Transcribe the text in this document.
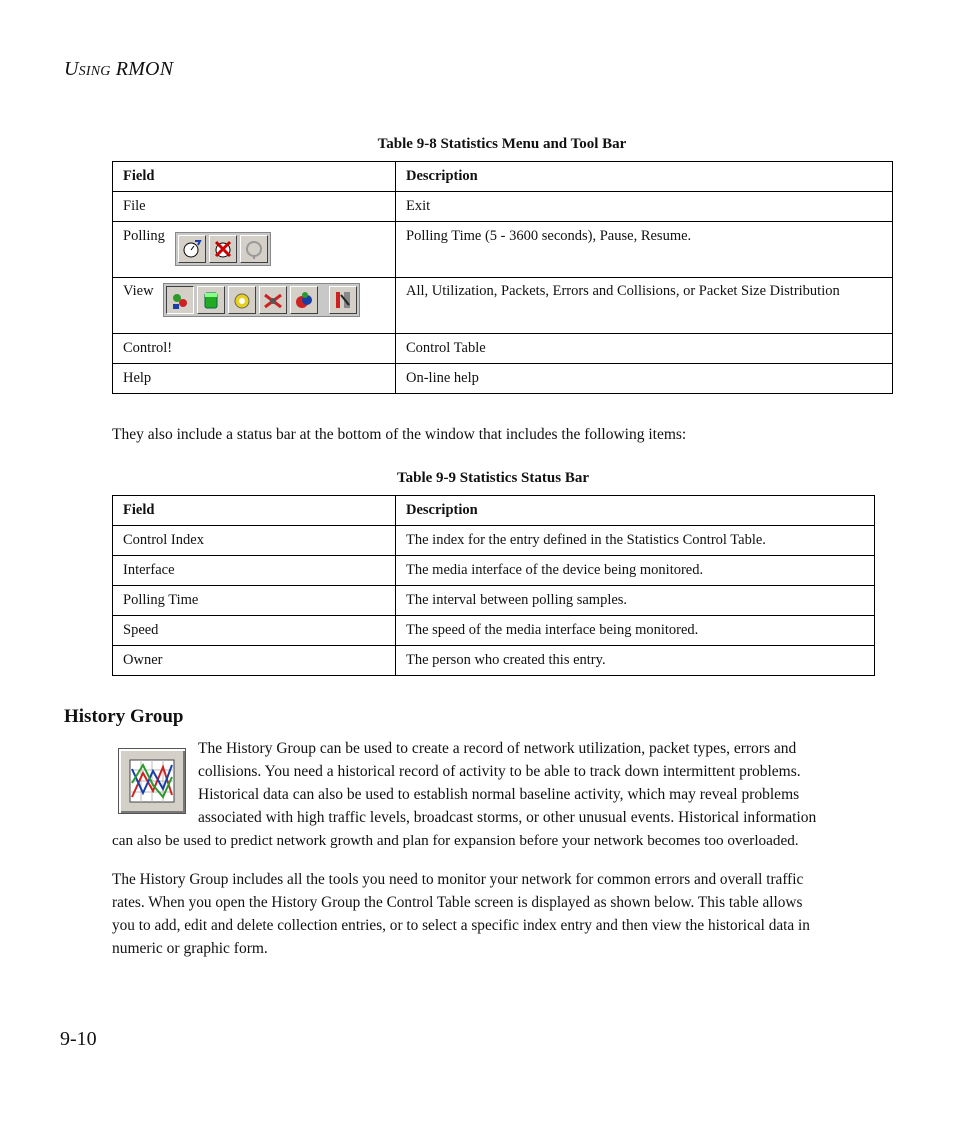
USING RMON
Table 9-8 Statistics Menu and Tool Bar
Field	Description
File	Exit
Polling	Polling Time (5 - 3600 seconds), Pause, Resume.
View	All, Utilization, Packets, Errors and Collisions, or Packet Size Distribution
Control!	Control Table
Help	On-line help
They also include a status bar at the bottom of the window that includes the following items:
Table 9-9 Statistics Status Bar
Field	Description
Control Index	The index for the entry defined in the Statistics Control Table.
Interface	The media interface of the device being monitored.
Polling Time	The interval between polling samples.
Speed	The speed of the media interface being monitored.
Owner	The person who created this entry.
History Group
The History Group can be used to create a record of network utilization, packet types, errors and
collisions. You need a historical record of activity to be able to track down intermittent problems.
Historical data can also be used to establish normal baseline activity, which may reveal problems
associated with high traffic levels, broadcast storms, or other unusual events. Historical information
can also be used to predict network growth and plan for expansion before your network becomes too overloaded.
The History Group includes all the tools you need to monitor your network for common errors and overall traffic
rates. When you open the History Group the Control Table screen is displayed as shown below. This table allows
you to add, edit and delete collection entries, or to select a specific index entry and then view the historical data in
numeric or graphic form.
9-10
